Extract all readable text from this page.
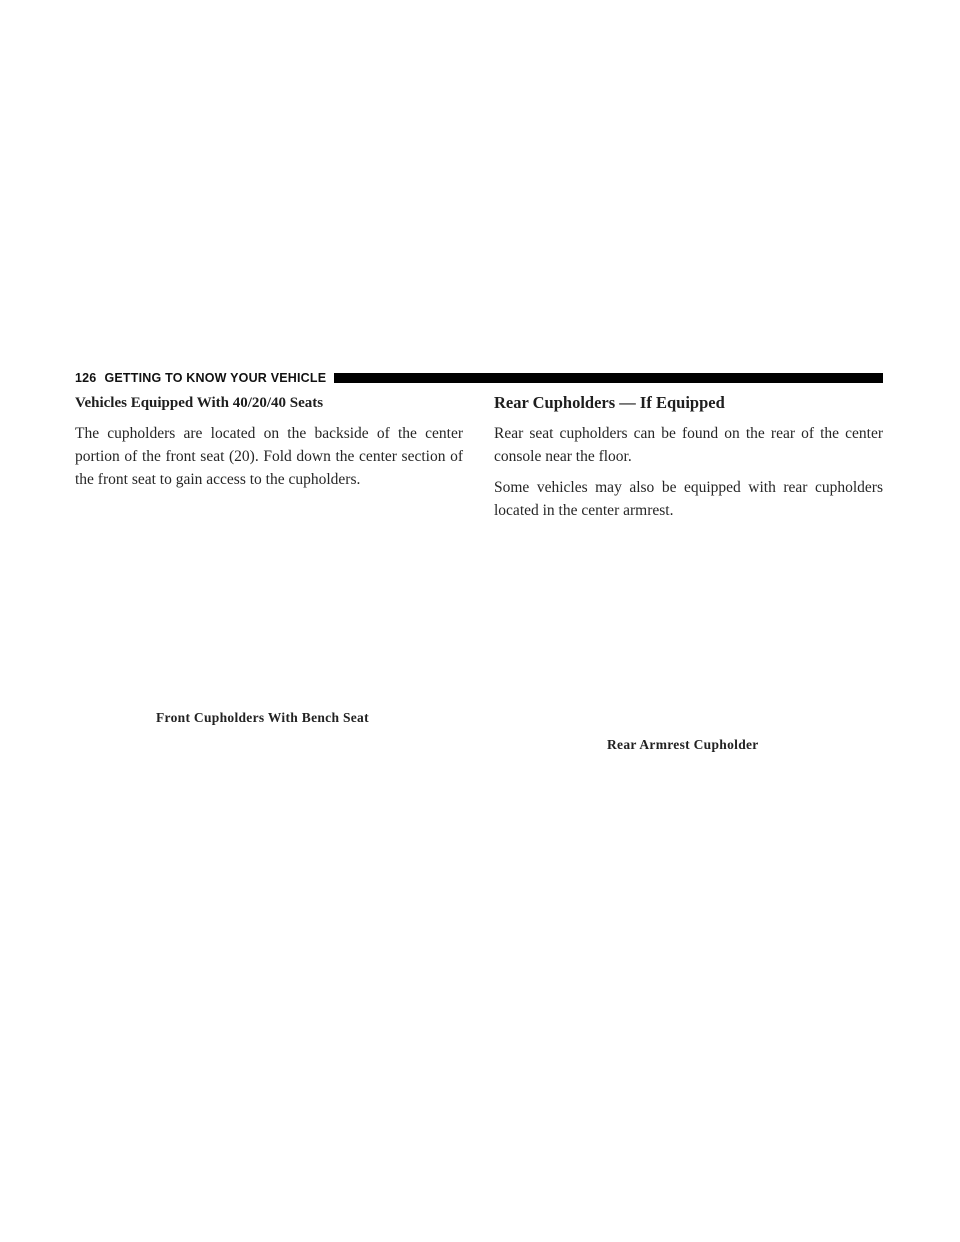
126 GETTING TO KNOW YOUR VEHICLE
Vehicles Equipped With 40/20/40 Seats

The cupholders are located on the backside of the center portion of the front seat (20). Fold down the center section of the front seat to gain access to the cupholders.

Rear Cupholders — If Equipped

Rear seat cupholders can be found on the rear of the center console near the floor.

Some vehicles may also be equipped with rear cupholders located in the center armrest.

Front Cupholders With Bench Seat
Rear Armrest Cupholder
